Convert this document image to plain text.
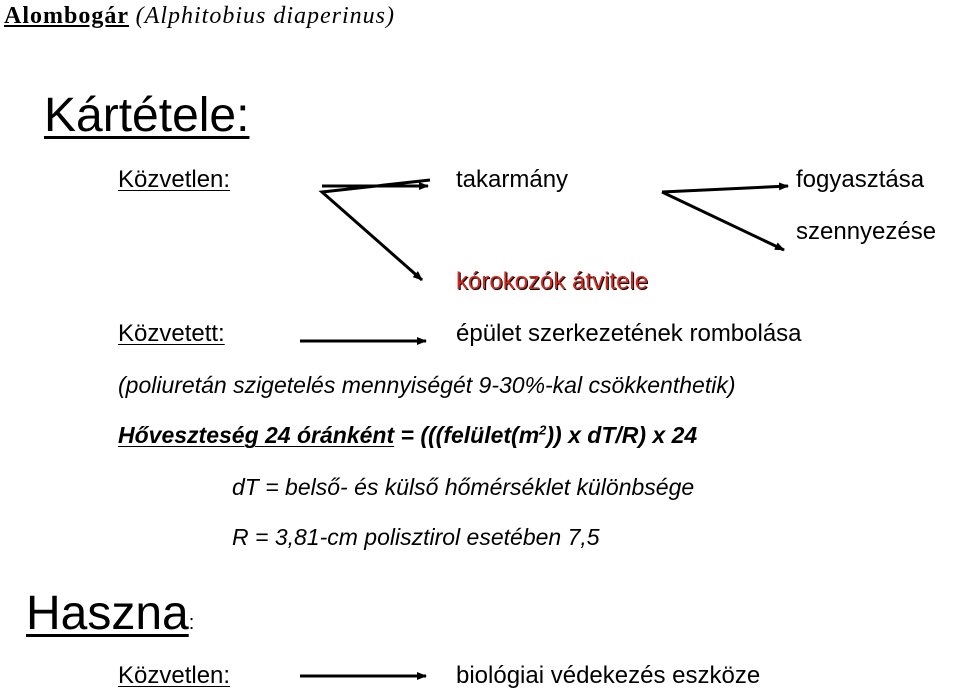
Alombogár (Alphitobius diaperinus)
Kártétele:
Közvetlen:	takarmány	fogyasztása
szennyezése
kórokozók átvitele
Közvetett:	épület szerkezetének rombolása
(poliuretán szigetelés mennyiségét 9-30%-kal csökkenthetik)
Hőveszteség 24 óránként = (($(felület(m^2))$ x dT/R) x 24
dT = belső- és külső hőmérséklet különbsége
R = 3,81-cm polisztirol esetében 7,5
Haszna:
Közvetlen:	biológiai védekezés eszköze
